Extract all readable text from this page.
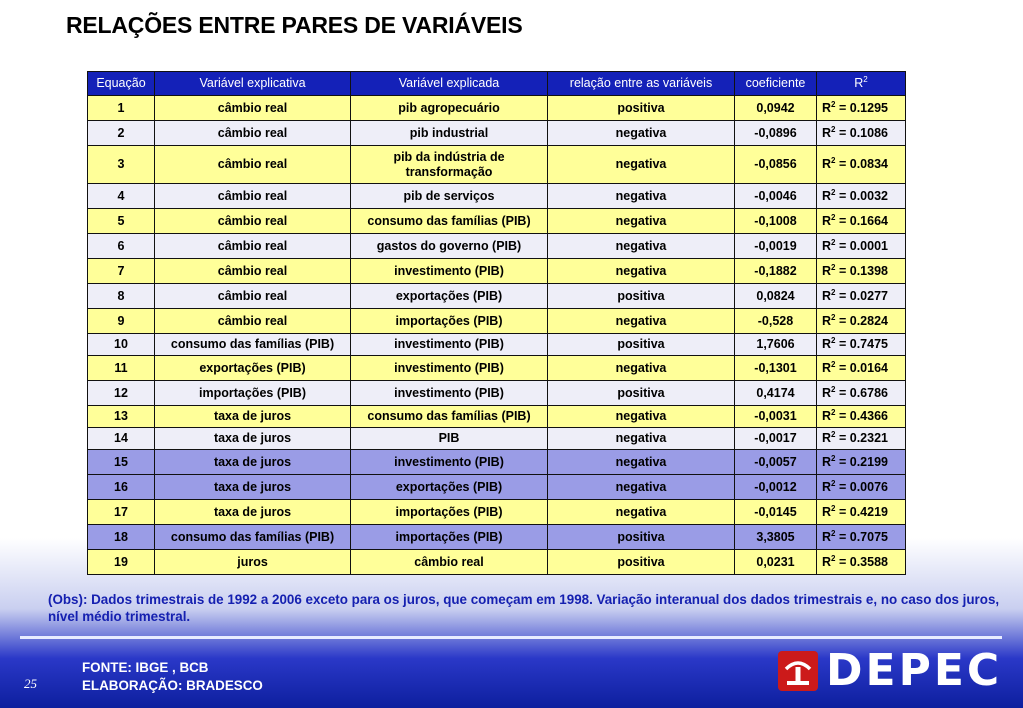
RELAÇÕES ENTRE PARES DE VARIÁVEIS
Equação	Variável explicativa	Variável explicada	relação entre as variáveis	coeficiente	$R^2$
1	câmbio real	pib agropecuário	positiva	0,0942	$R^2 = 0.1295$
2	câmbio real	pib industrial	negativa	-0,0896	$R^2 = 0.1086$
3	câmbio real	pib da indústria de transformação	negativa	-0,0856	$R^2 = 0.0834$
4	câmbio real	pib de serviços	negativa	-0,0046	$R^2 = 0.0032$
5	câmbio real	consumo das famílias (PIB)	negativa	-0,1008	$R^2 = 0.1664$
6	câmbio real	gastos do governo (PIB)	negativa	-0,0019	$R^2 = 0.0001$
7	câmbio real	investimento (PIB)	negativa	-0,1882	$R^2 = 0.1398$
8	câmbio real	exportações (PIB)	positiva	0,0824	$R^2 = 0.0277$
9	câmbio real	importações (PIB)	negativa	-0,528	$R^2 = 0.2824$
10	consumo das famílias (PIB)	investimento (PIB)	positiva	1,7606	$R^2 = 0.7475$
11	exportações (PIB)	investimento (PIB)	negativa	-0,1301	$R^2 = 0.0164$
12	importações (PIB)	investimento (PIB)	positiva	0,4174	$R^2 = 0.6786$
13	taxa de juros	consumo das famílias (PIB)	negativa	-0,0031	$R^2 = 0.4366$
14	taxa de juros	PIB	negativa	-0,0017	$R^2 = 0.2321$
15	taxa de juros	investimento (PIB)	negativa	-0,0057	$R^2 = 0.2199$
16	taxa de juros	exportações (PIB)	negativa	-0,0012	$R^2 = 0.0076$
17	taxa de juros	importações (PIB)	negativa	-0,0145	$R^2 = 0.4219$
18	consumo das famílias (PIB)	importações (PIB)	positiva	3,3805	$R^2 = 0.7075$
19	juros	câmbio real	positiva	0,0231	$R^2 = 0.3588$
(Obs): Dados trimestrais de 1992 a 2006 exceto para os juros, que começam em 1998. Variação interanual dos dados trimestrais e, no caso dos juros, nível médio trimestral.
25
FONTE: IBGE , BCB
ELABORAÇÃO: BRADESCO	DEPEC
